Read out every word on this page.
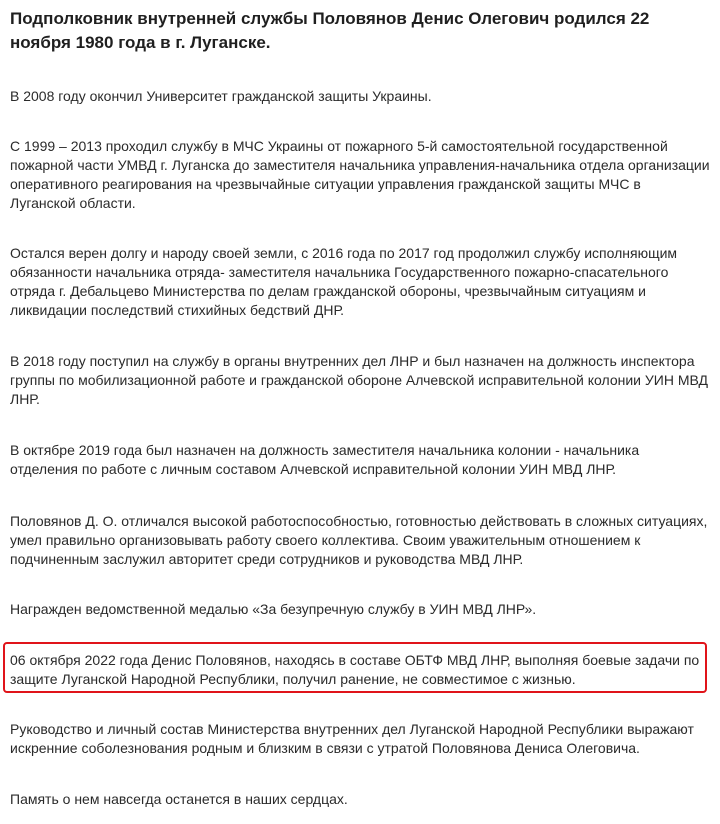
Подполковник внутренней службы Половянов Денис Олегович родился 22 ноября 1980 года в г. Луганске.

В 2008 году окончил Университет гражданской защиты Украины.

С 1999 – 2013 проходил службу в МЧС Украины от пожарного 5-й самостоятельной государственной пожарной части УМВД г. Луганска до заместителя начальника управления-начальника отдела организации оперативного реагирования на чрезвычайные ситуации управления гражданской защиты МЧС в Луганской области.

Остался верен долгу и народу своей земли, с 2016 года по 2017 год продолжил службу исполняющим обязанности начальника отряда- заместителя начальника Государственного пожарно-спасательного отряда г. Дебальцево Министерства по делам гражданской обороны, чрезвычайным ситуациям и ликвидации последствий стихийных бедствий ДНР.

В 2018 году поступил на службу в органы внутренних дел ЛНР и был назначен на должность инспектора группы по мобилизационной работе и гражданской обороне Алчевской исправительной колонии УИН МВД ЛНР.

В октябре 2019 года был назначен на должность заместителя начальника колонии - начальника отделения по работе с личным составом Алчевской исправительной колонии УИН МВД ЛНР.

Половянов Д. О. отличался высокой работоспособностью, готовностью действовать в сложных ситуациях, умел правильно организовывать работу своего коллектива. Своим уважительным отношением к подчиненным заслужил авторитет среди сотрудников и руководства МВД ЛНР.

Награжден ведомственной медалью «За безупречную службу в УИН МВД ЛНР».

06 октября 2022 года Денис Половянов, находясь в составе ОБТФ МВД ЛНР, выполняя боевые задачи по защите Луганской Народной Республики, получил ранение, не совместимое с жизнью.

Руководство и личный состав Министерства внутренних дел Луганской Народной Республики выражают искренние соболезнования родным и близким в связи с утратой Половянова Дениса Олеговича.

Память о нем навсегда останется в наших сердцах.
